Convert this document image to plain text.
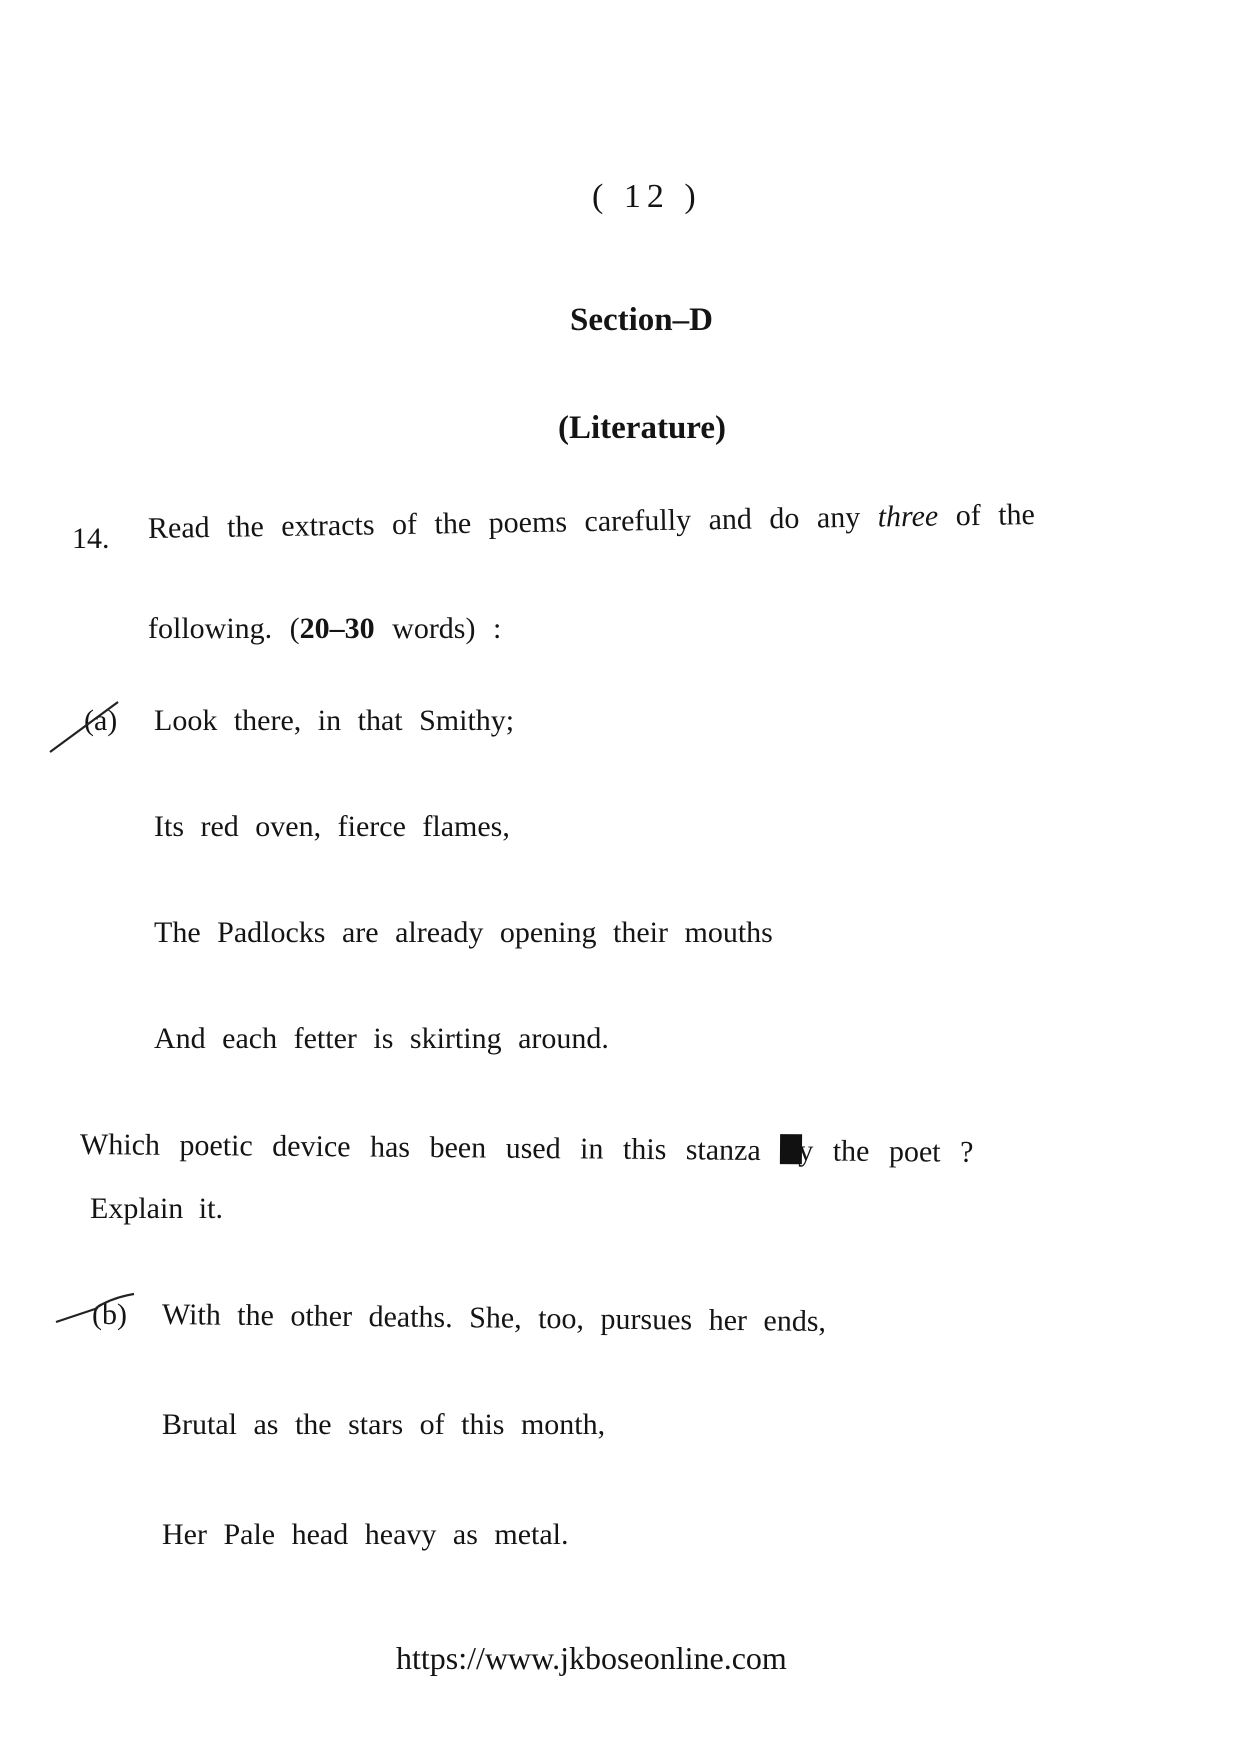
( 12 )
Section–D
(Literature)
14. Read the extracts of the poems carefully and do any three of the
following. (20–30 words) :
(a) Look there, in that Smithy;
Its red oven, fierce flames,
The Padlocks are already opening their mouths
And each fetter is skirting around.
Which poetic device has been used in this stanza y the poet ?
Explain it.
(b) With the other deaths. She, too, pursues her ends,
Brutal as the stars of this month,
Her Pale head heavy as metal.
https://www.jkboseonline.com
